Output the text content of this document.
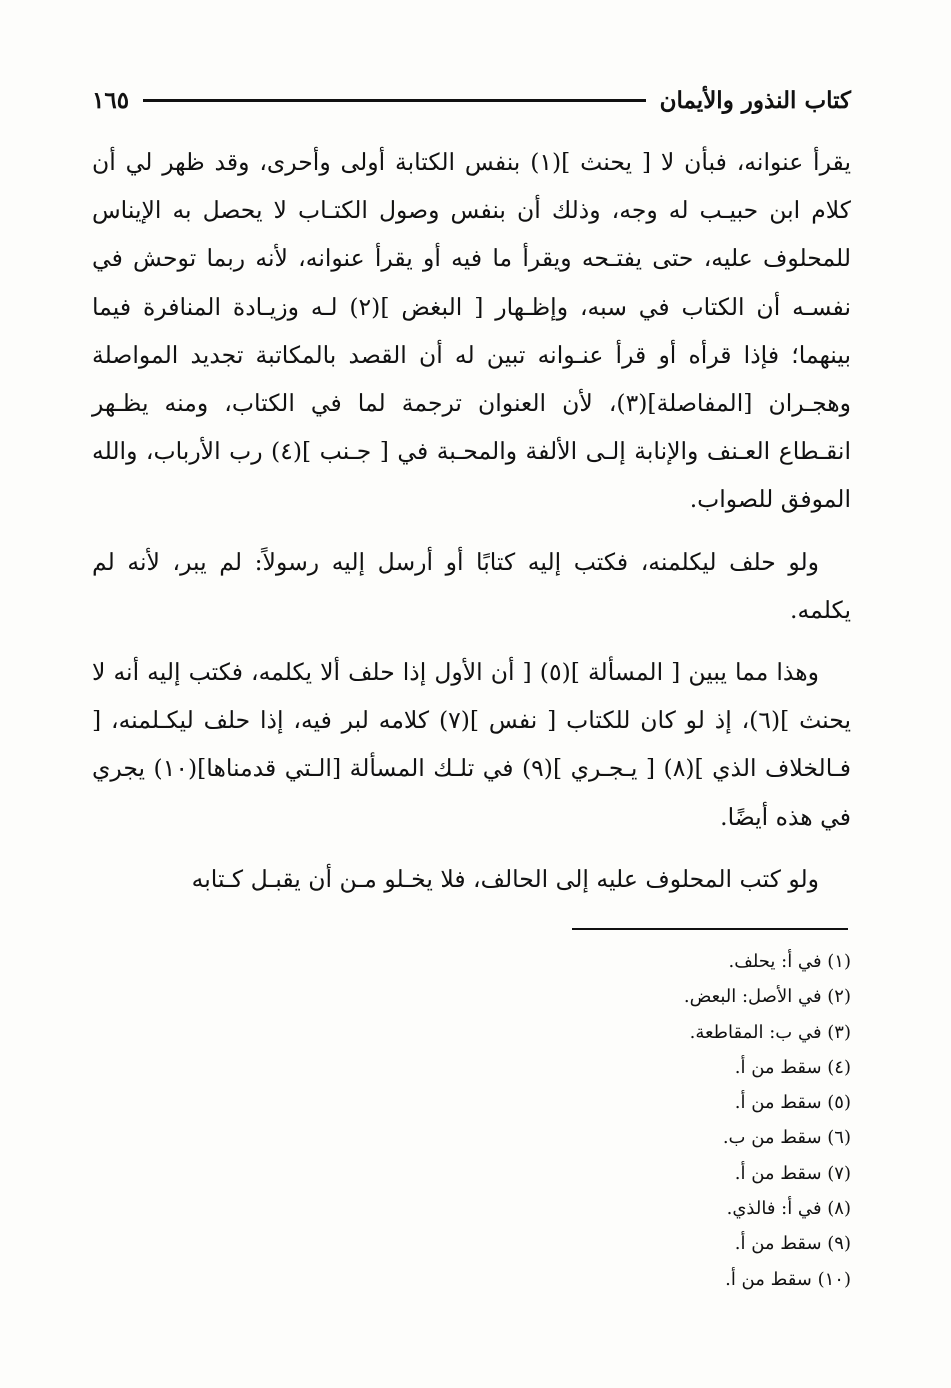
كتاب النذور والأيمان
١٦٥

يقرأ عنوانه، فبأن لا [ يحنث ](١) بنفس الكتابة أولى وأحرى، وقد ظهر لي أن كلام ابن حبيـب له وجه، وذلك أن بنفس وصول الكتـاب لا يحصل به الإيناس للمحلوف عليه، حتى يفتـحه ويقرأ ما فيه أو يقرأ عنوانه، لأنه ربما توحش في نفسـه أن الكتاب في سبه، وإظـهار [ البغض ](٢) لـه وزيـادة المنافرة فيما بينهما؛ فإذا قرأه أو قرأ عنـوانه تبين له أن القصد بالمكاتبة تجديد المواصلة وهجـران [المفاصلة](٣)، لأن العنوان ترجمة لما في الكتاب، ومنه يظـهر انقـطاع العـنف والإنابة إلـى الألفة والمحـبة في [ جـنب ](٤) رب الأرباب، والله الموفق للصواب.

ولو حلف ليكلمنه، فكتب إليه كتابًا أو أرسل إليه رسولاً: لم يبر، لأنه لم يكلمه.

وهذا مما يبين [ المسألة ](٥) [ أن الأول إذا حلف ألا يكلمه، فكتب إليه أنه لا يحنث ](٦)، إذ لو كان للكتاب [ نفس ](٧) كلامه لبر فيه، إذا حلف ليكـلمنه، [ فـالخلاف الذي ](٨) [ يـجـري ](٩) في تلـك المسألة [الـتي قدمناها](١٠) يجري في هذه أيضًا.

ولو كتب المحلوف عليه إلى الحالف، فلا يخـلو مـن أن يقبـل كـتابه

(١) في أ: يحلف.
(٢) في الأصل: البعض.
(٣) في ب: المقاطعة.
(٤) سقط من أ.
(٥) سقط من أ.
(٦) سقط من ب.
(٧) سقط من أ.
(٨) في أ: فالذي.
(٩) سقط من أ.
(١٠) سقط من أ.
